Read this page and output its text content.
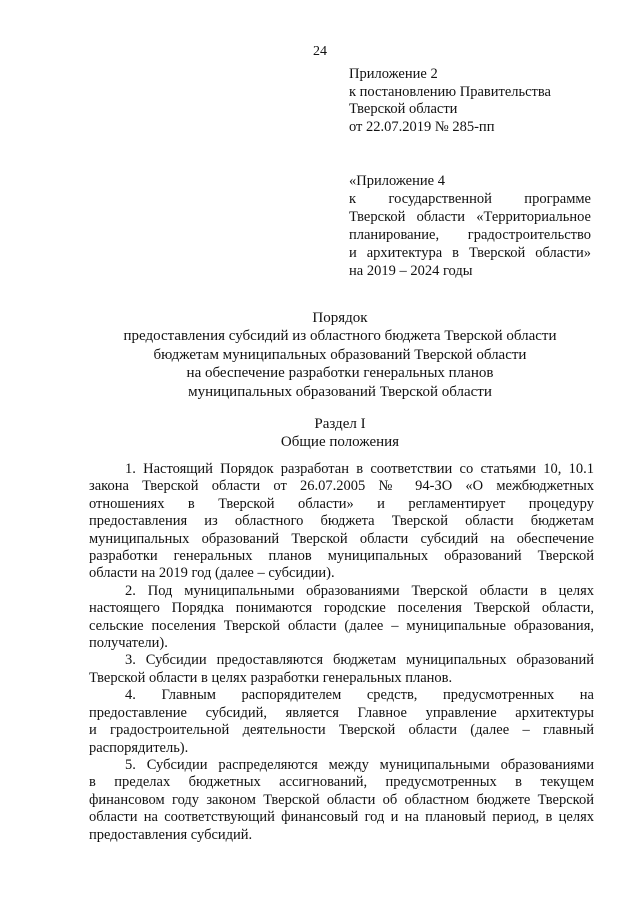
24
Приложение 2
к постановлению Правительства
Тверской области
от 22.07.2019 № 285-пп
«Приложение 4
к государственной программе
Тверской области «Территориальное
планирование, градостроительство
и архитектура в Тверской области»
на 2019 – 2024 годы
Порядок
предоставления субсидий из областного бюджета Тверской области
бюджетам муниципальных образований Тверской области
на обеспечение разработки генеральных планов
муниципальных образований Тверской области
Раздел I
Общие положения
1. Настоящий Порядок разработан в соответствии со статьями 10, 10.1
закона Тверской области от 26.07.2005 № 94-ЗО «О межбюджетных
отношениях в Тверской области» и регламентирует процедуру
предоставления из областного бюджета Тверской области бюджетам
муниципальных образований Тверской области субсидий на обеспечение
разработки генеральных планов муниципальных образований Тверской
области на 2019 год (далее – субсидии).
2. Под муниципальными образованиями Тверской области в целях
настоящего Порядка понимаются городские поселения Тверской области,
сельские поселения Тверской области (далее – муниципальные образования,
получатели).
3. Субсидии предоставляются бюджетам муниципальных образований
Тверской области в целях разработки генеральных планов.
4. Главным распорядителем средств, предусмотренных на
предоставление субсидий, является Главное управление архитектуры
и градостроительной деятельности Тверской области (далее – главный
распорядитель).
5. Субсидии распределяются между муниципальными образованиями
в пределах бюджетных ассигнований, предусмотренных в текущем
финансовом году законом Тверской области об областном бюджете Тверской
области на соответствующий финансовый год и на плановый период, в целях
предоставления субсидий.
